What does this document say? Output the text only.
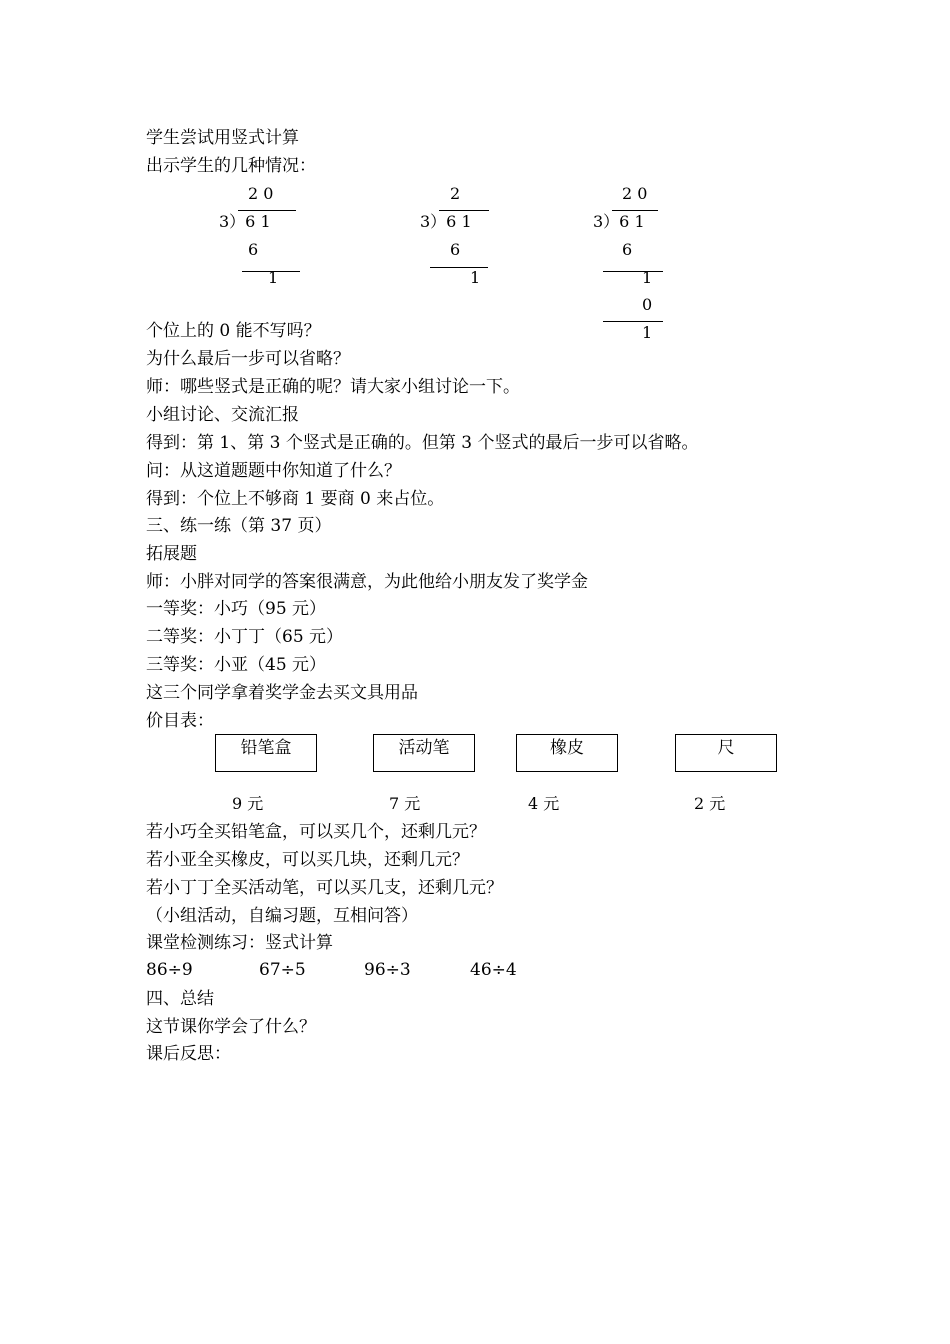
学生尝试用竖式计算
出示学生的几种情况：
2 0
3）6 1
6
1
2
3）6 1
6
1
2 0
3）6 1
6
1
0
1
个位上的 0 能不写吗？
为什么最后一步可以省略？
师：哪些竖式是正确的呢？请大家小组讨论一下。
小组讨论、交流汇报
得到：第 1、第 3 个竖式是正确的。但第 3 个竖式的最后一步可以省略。
问：从这道题题中你知道了什么？
得到：个位上不够商 1 要商 0 来占位。
三、练一练（第 37 页）
拓展题
师：小胖对同学的答案很满意，为此他给小朋友发了奖学金
一等奖：小巧（95 元）
二等奖：小丁丁（65 元）
三等奖：小亚（45 元）
这三个同学拿着奖学金去买文具用品
价目表：
铅笔盒	活动笔	橡皮	尺
9 元	7 元	4 元	2 元
若小巧全买铅笔盒，可以买几个，还剩几元？
若小亚全买橡皮，可以买几块，还剩几元？
若小丁丁全买活动笔，可以买几支，还剩几元？
（小组活动，自编习题，互相问答）
课堂检测练习：竖式计算
86÷9	67÷5	96÷3	46÷4
四、总结
这节课你学会了什么？
课后反思：
